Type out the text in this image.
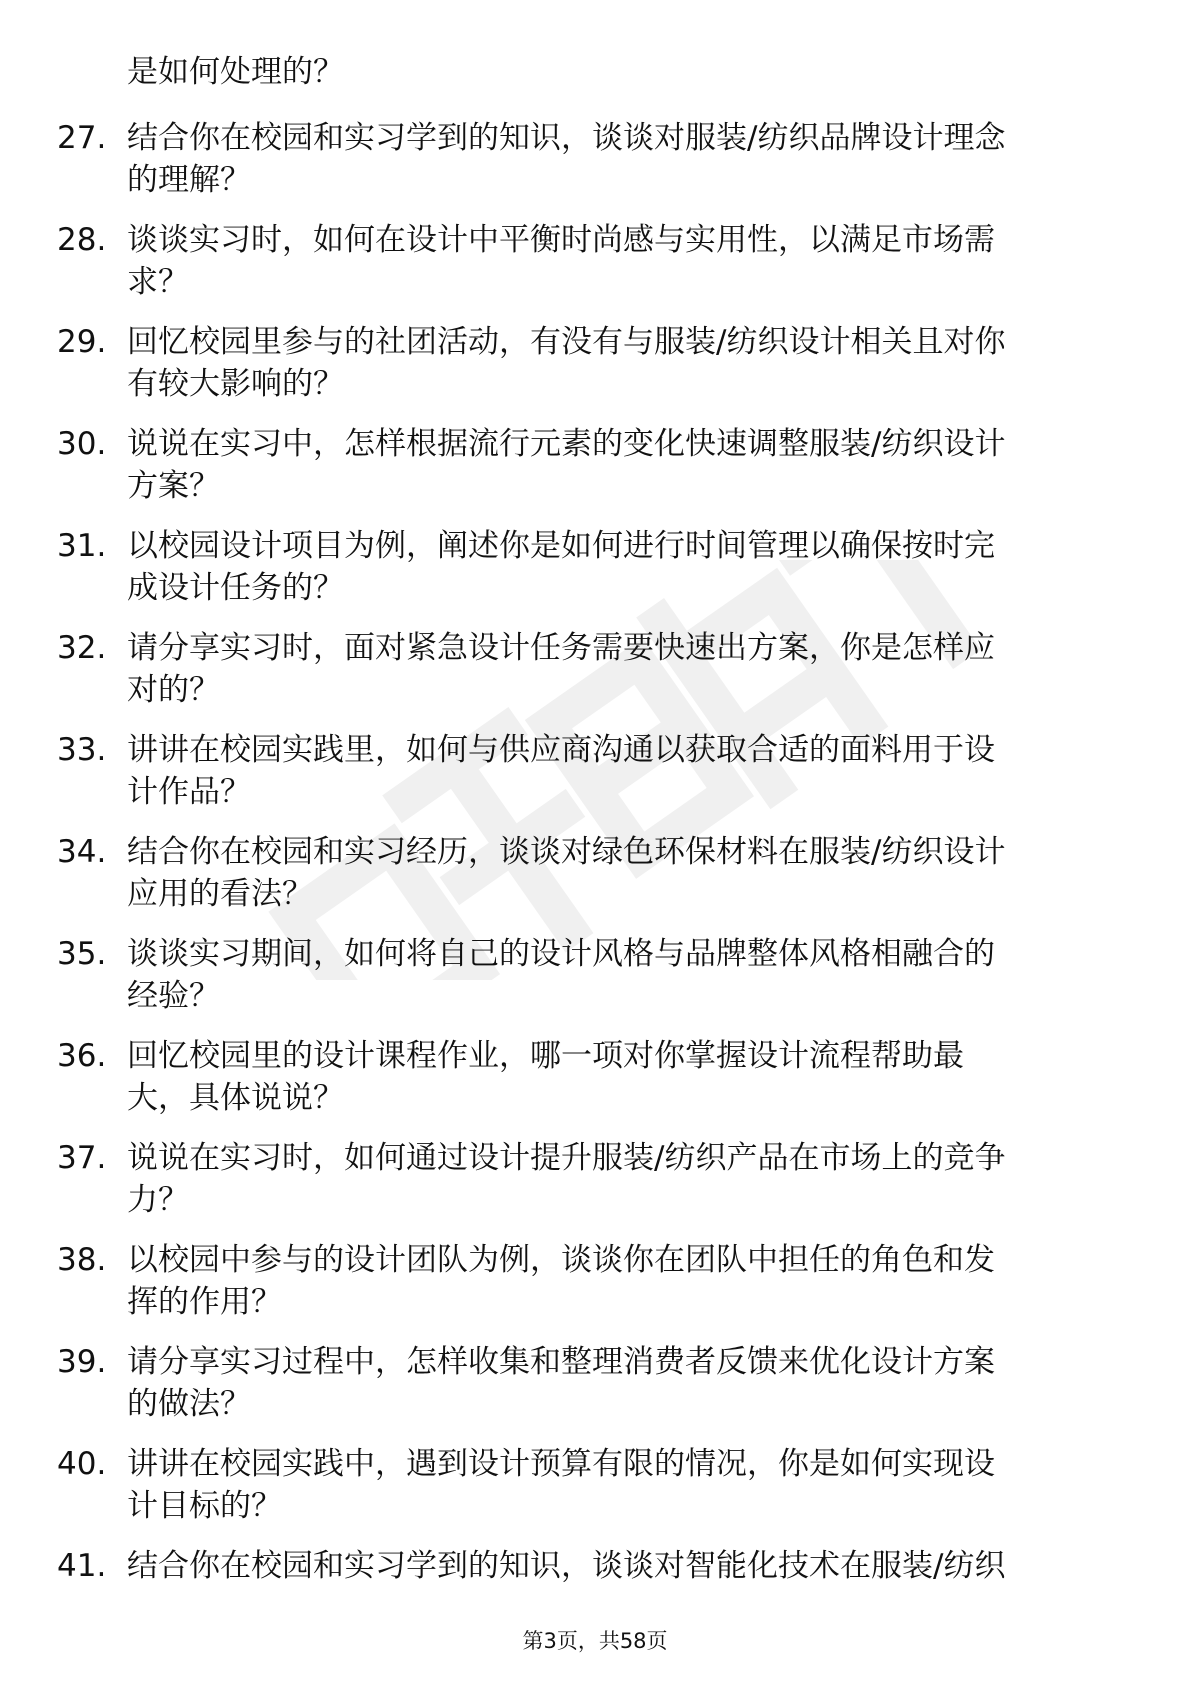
是如何处理的？
27. 结合你在校园和实习学到的知识，谈谈对服装/纺织品牌设计理念
的理解？
28. 谈谈实习时，如何在设计中平衡时尚感与实用性，以满足市场需
求？
29. 回忆校园里参与的社团活动，有没有与服装/纺织设计相关且对你
有较大影响的？
30. 说说在实习中，怎样根据流行元素的变化快速调整服装/纺织设计
方案？
31. 以校园设计项目为例，阐述你是如何进行时间管理以确保按时完
成设计任务的？
32. 请分享实习时，面对紧急设计任务需要快速出方案，你是怎样应
对的？
33. 讲讲在校园实践里，如何与供应商沟通以获取合适的面料用于设
计作品？
34. 结合你在校园和实习经历，谈谈对绿色环保材料在服装/纺织设计
应用的看法？
35. 谈谈实习期间，如何将自己的设计风格与品牌整体风格相融合的
经验？
36. 回忆校园里的设计课程作业，哪一项对你掌握设计流程帮助最
大，具体说说？
37. 说说在实习时，如何通过设计提升服装/纺织产品在市场上的竞争
力？
38. 以校园中参与的设计团队为例，谈谈你在团队中担任的角色和发
挥的作用？
39. 请分享实习过程中，怎样收集和整理消费者反馈来优化设计方案
的做法？
40. 讲讲在校园实践中，遇到设计预算有限的情况，你是如何实现设
计目标的？
41. 结合你在校园和实习学到的知识，谈谈对智能化技术在服装/纺织
第3页，共58页
